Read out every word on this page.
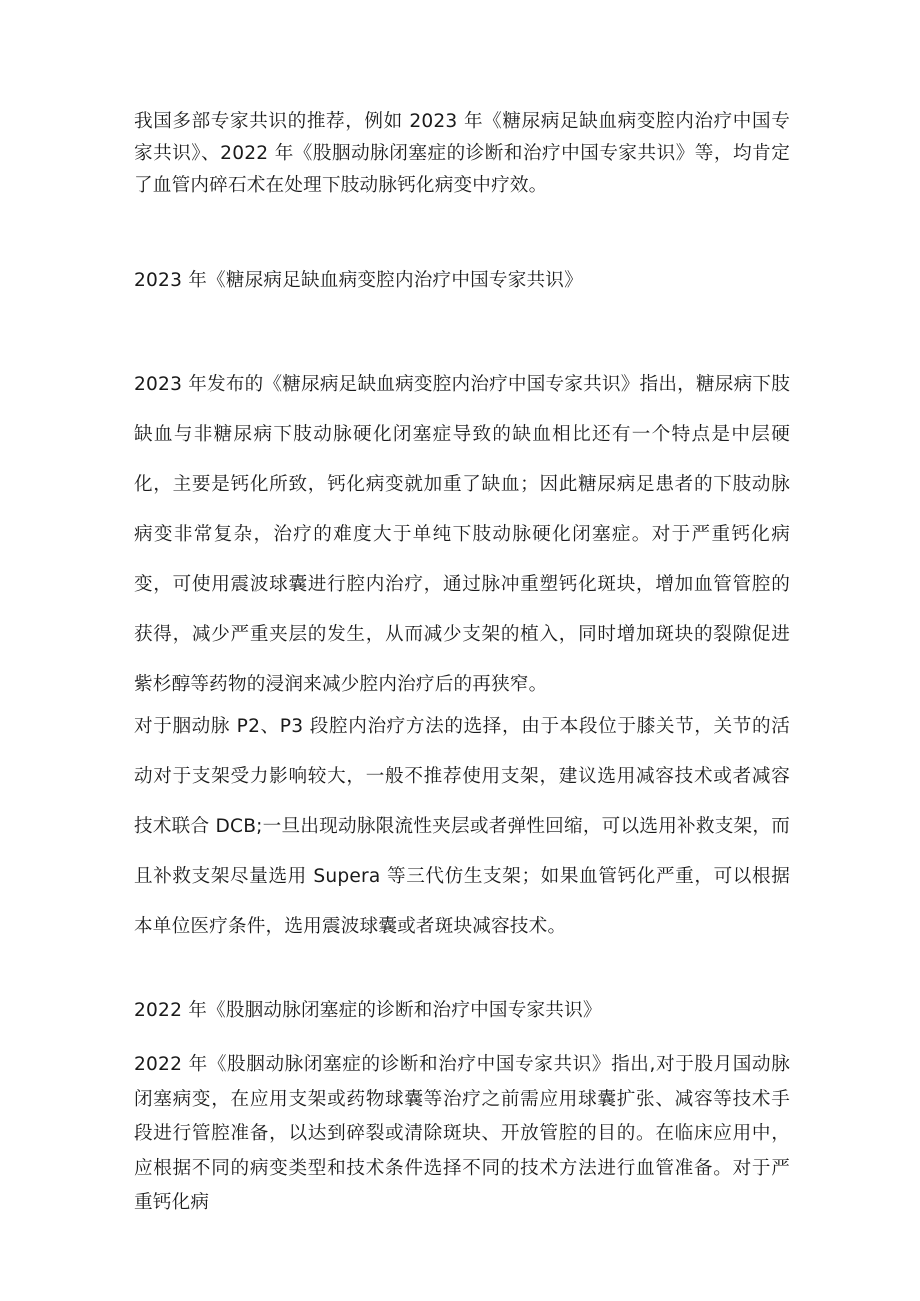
我国多部专家共识的推荐，例如 2023 年《糖尿病足缺血病变腔内治疗中国专家共识》、2022 年《股胭动脉闭塞症的诊断和治疗中国专家共识》等，均肯定了血管内碎石术在处理下肢动脉钙化病变中疗效。

2023 年《糖尿病足缺血病变腔内治疗中国专家共识》

2023 年发布的《糖尿病足缺血病变腔内治疗中国专家共识》指出，糖尿病下肢缺血与非糖尿病下肢动脉硬化闭塞症导致的缺血相比还有一个特点是中层硬化，主要是钙化所致，钙化病变就加重了缺血；因此糖尿病足患者的下肢动脉病变非常复杂，治疗的难度大于单纯下肢动脉硬化闭塞症。对于严重钙化病变，可使用震波球囊进行腔内治疗，通过脉冲重塑钙化斑块，增加血管管腔的获得，减少严重夹层的发生，从而减少支架的植入，同时增加斑块的裂隙促进紫杉醇等药物的浸润来减少腔内治疗后的再狭窄。

对于胭动脉 P2、P3 段腔内治疗方法的选择，由于本段位于膝关节，关节的活动对于支架受力影响较大，一般不推荐使用支架，建议选用减容技术或者减容技术联合 DCB;一旦出现动脉限流性夹层或者弹性回缩，可以选用补救支架，而且补救支架尽量选用 Supera 等三代仿生支架；如果血管钙化严重，可以根据本单位医疗条件，选用震波球囊或者斑块减容技术。

2022 年《股胭动脉闭塞症的诊断和治疗中国专家共识》

2022 年《股胭动脉闭塞症的诊断和治疗中国专家共识》指出,对于股月国动脉闭塞病变，在应用支架或药物球囊等治疗之前需应用球囊扩张、减容等技术手段进行管腔准备，以达到碎裂或清除斑块、开放管腔的目的。在临床应用中，应根据不同的病变类型和技术条件选择不同的技术方法进行血管准备。对于严重钙化病
